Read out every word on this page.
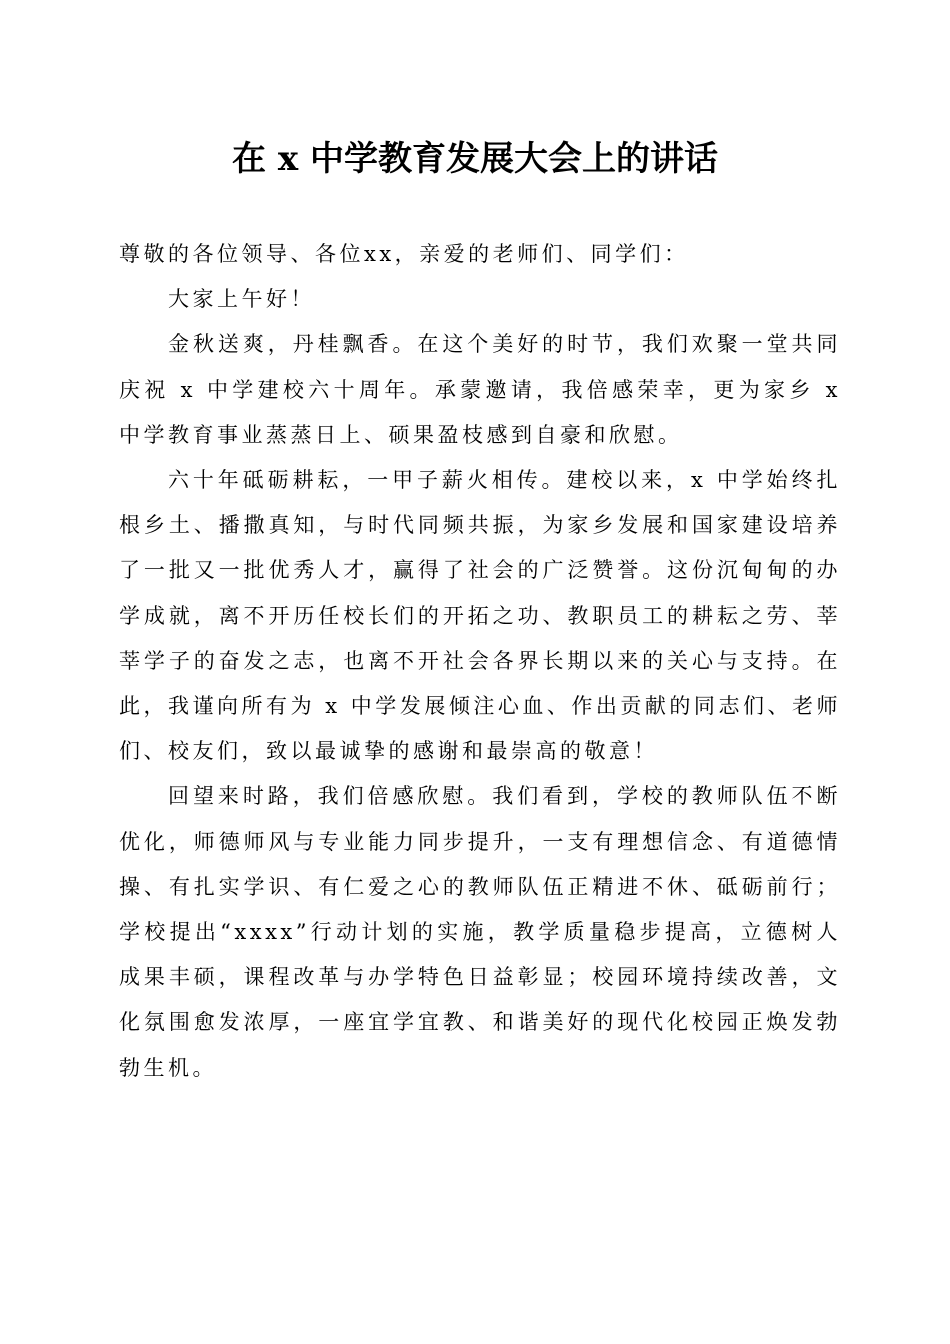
在 x 中学教育发展大会上的讲话

尊敬的各位领导、各位xx，亲爱的老师们、同学们：

大家上午好！

金秋送爽，丹桂飘香。在这个美好的时节，我们欢聚一堂共同庆祝 x 中学建校六十周年。承蒙邀请，我倍感荣幸，更为家乡 x 中学教育事业蒸蒸日上、硕果盈枝感到自豪和欣慰。

六十年砥砺耕耘，一甲子薪火相传。建校以来，x 中学始终扎根乡土、播撒真知，与时代同频共振，为家乡发展和国家建设培养了一批又一批优秀人才，赢得了社会的广泛赞誉。这份沉甸甸的办学成就，离不开历任校长们的开拓之功、教职员工的耕耘之劳、莘莘学子的奋发之志，也离不开社会各界长期以来的关心与支持。在此，我谨向所有为 x 中学发展倾注心血、作出贡献的同志们、老师们、校友们，致以最诚挚的感谢和最崇高的敬意！

回望来时路，我们倍感欣慰。我们看到，学校的教师队伍不断优化，师德师风与专业能力同步提升，一支有理想信念、有道德情操、有扎实学识、有仁爱之心的教师队伍正精进不休、砥砺前行；学校提出“xxxx”行动计划的实施，教学质量稳步提高，立德树人成果丰硕，课程改革与办学特色日益彰显；校园环境持续改善，文化氛围愈发浓厚，一座宜学宜教、和谐美好的现代化校园正焕发勃勃生机。
